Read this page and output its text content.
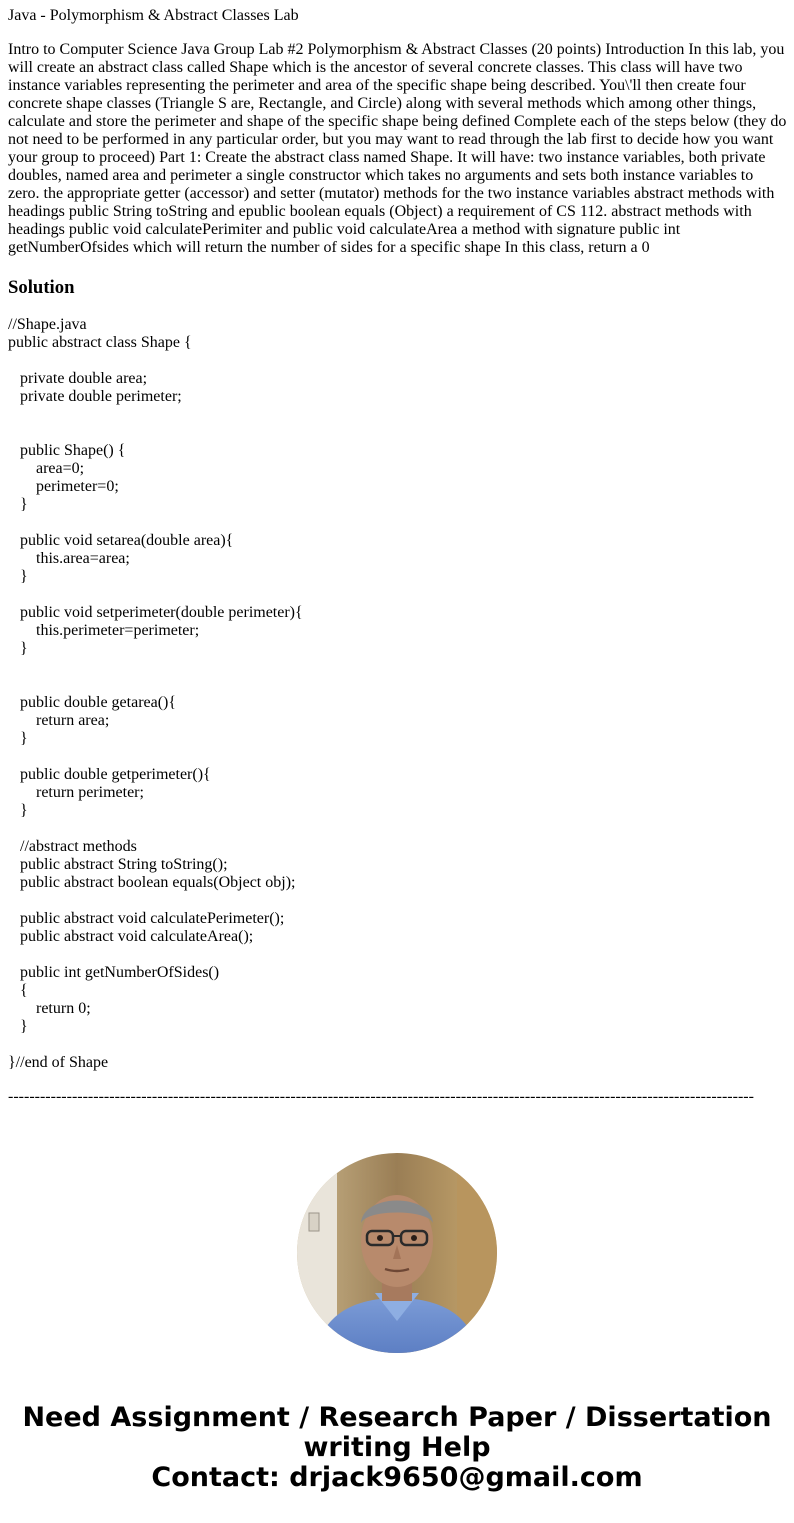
Java - Polymorphism & Abstract Classes Lab

Intro to Computer Science Java Group Lab #2 Polymorphism & Abstract Classes (20 points) Introduction In this lab, you will create an abstract class called Shape which is the ancestor of several concrete classes. This class will have two instance variables representing the perimeter and area of the specific shape being described. You\'ll then create four concrete shape classes (Triangle S are, Rectangle, and Circle) along with several methods which among other things, calculate and store the perimeter and shape of the specific shape being defined Complete each of the steps below (they do not need to be performed in any particular order, but you may want to read through the lab first to decide how you want your group to proceed) Part 1: Create the abstract class named Shape. It will have: two instance variables, both private doubles, named area and perimeter a single constructor which takes no arguments and sets both instance variables to zero. the appropriate getter (accessor) and setter (mutator) methods for the two instance variables abstract methods with headings public String toString and epublic boolean equals (Object) a requirement of CS 112. abstract methods with headings public void calculatePerimiter and public void calculateArea a method with signature public int getNumberOfsides which will return the number of sides for a specific shape In this class, return a 0

Solution
//Shape.java
public abstract class Shape {

private double area;
private double perimeter;

public Shape() {
area=0;
perimeter=0;
}

public void setarea(double area){
this.area=area;
}

public void setperimeter(double perimeter){
this.perimeter=perimeter;
}

public double getarea(){
return area;
}

public double getperimeter(){
return perimeter;
}

//abstract methods
public abstract String toString();
public abstract boolean equals(Object obj);

public abstract void calculatePerimeter();
public abstract void calculateArea();

public int getNumberOfSides()
{
return 0;
}

}//end of Shape
--------------------------------------------------------------------------------------------------------------------------------------------
Need Assignment / Research Paper / Dissertation
writing Help
Contact: drjack9650@gmail.com
